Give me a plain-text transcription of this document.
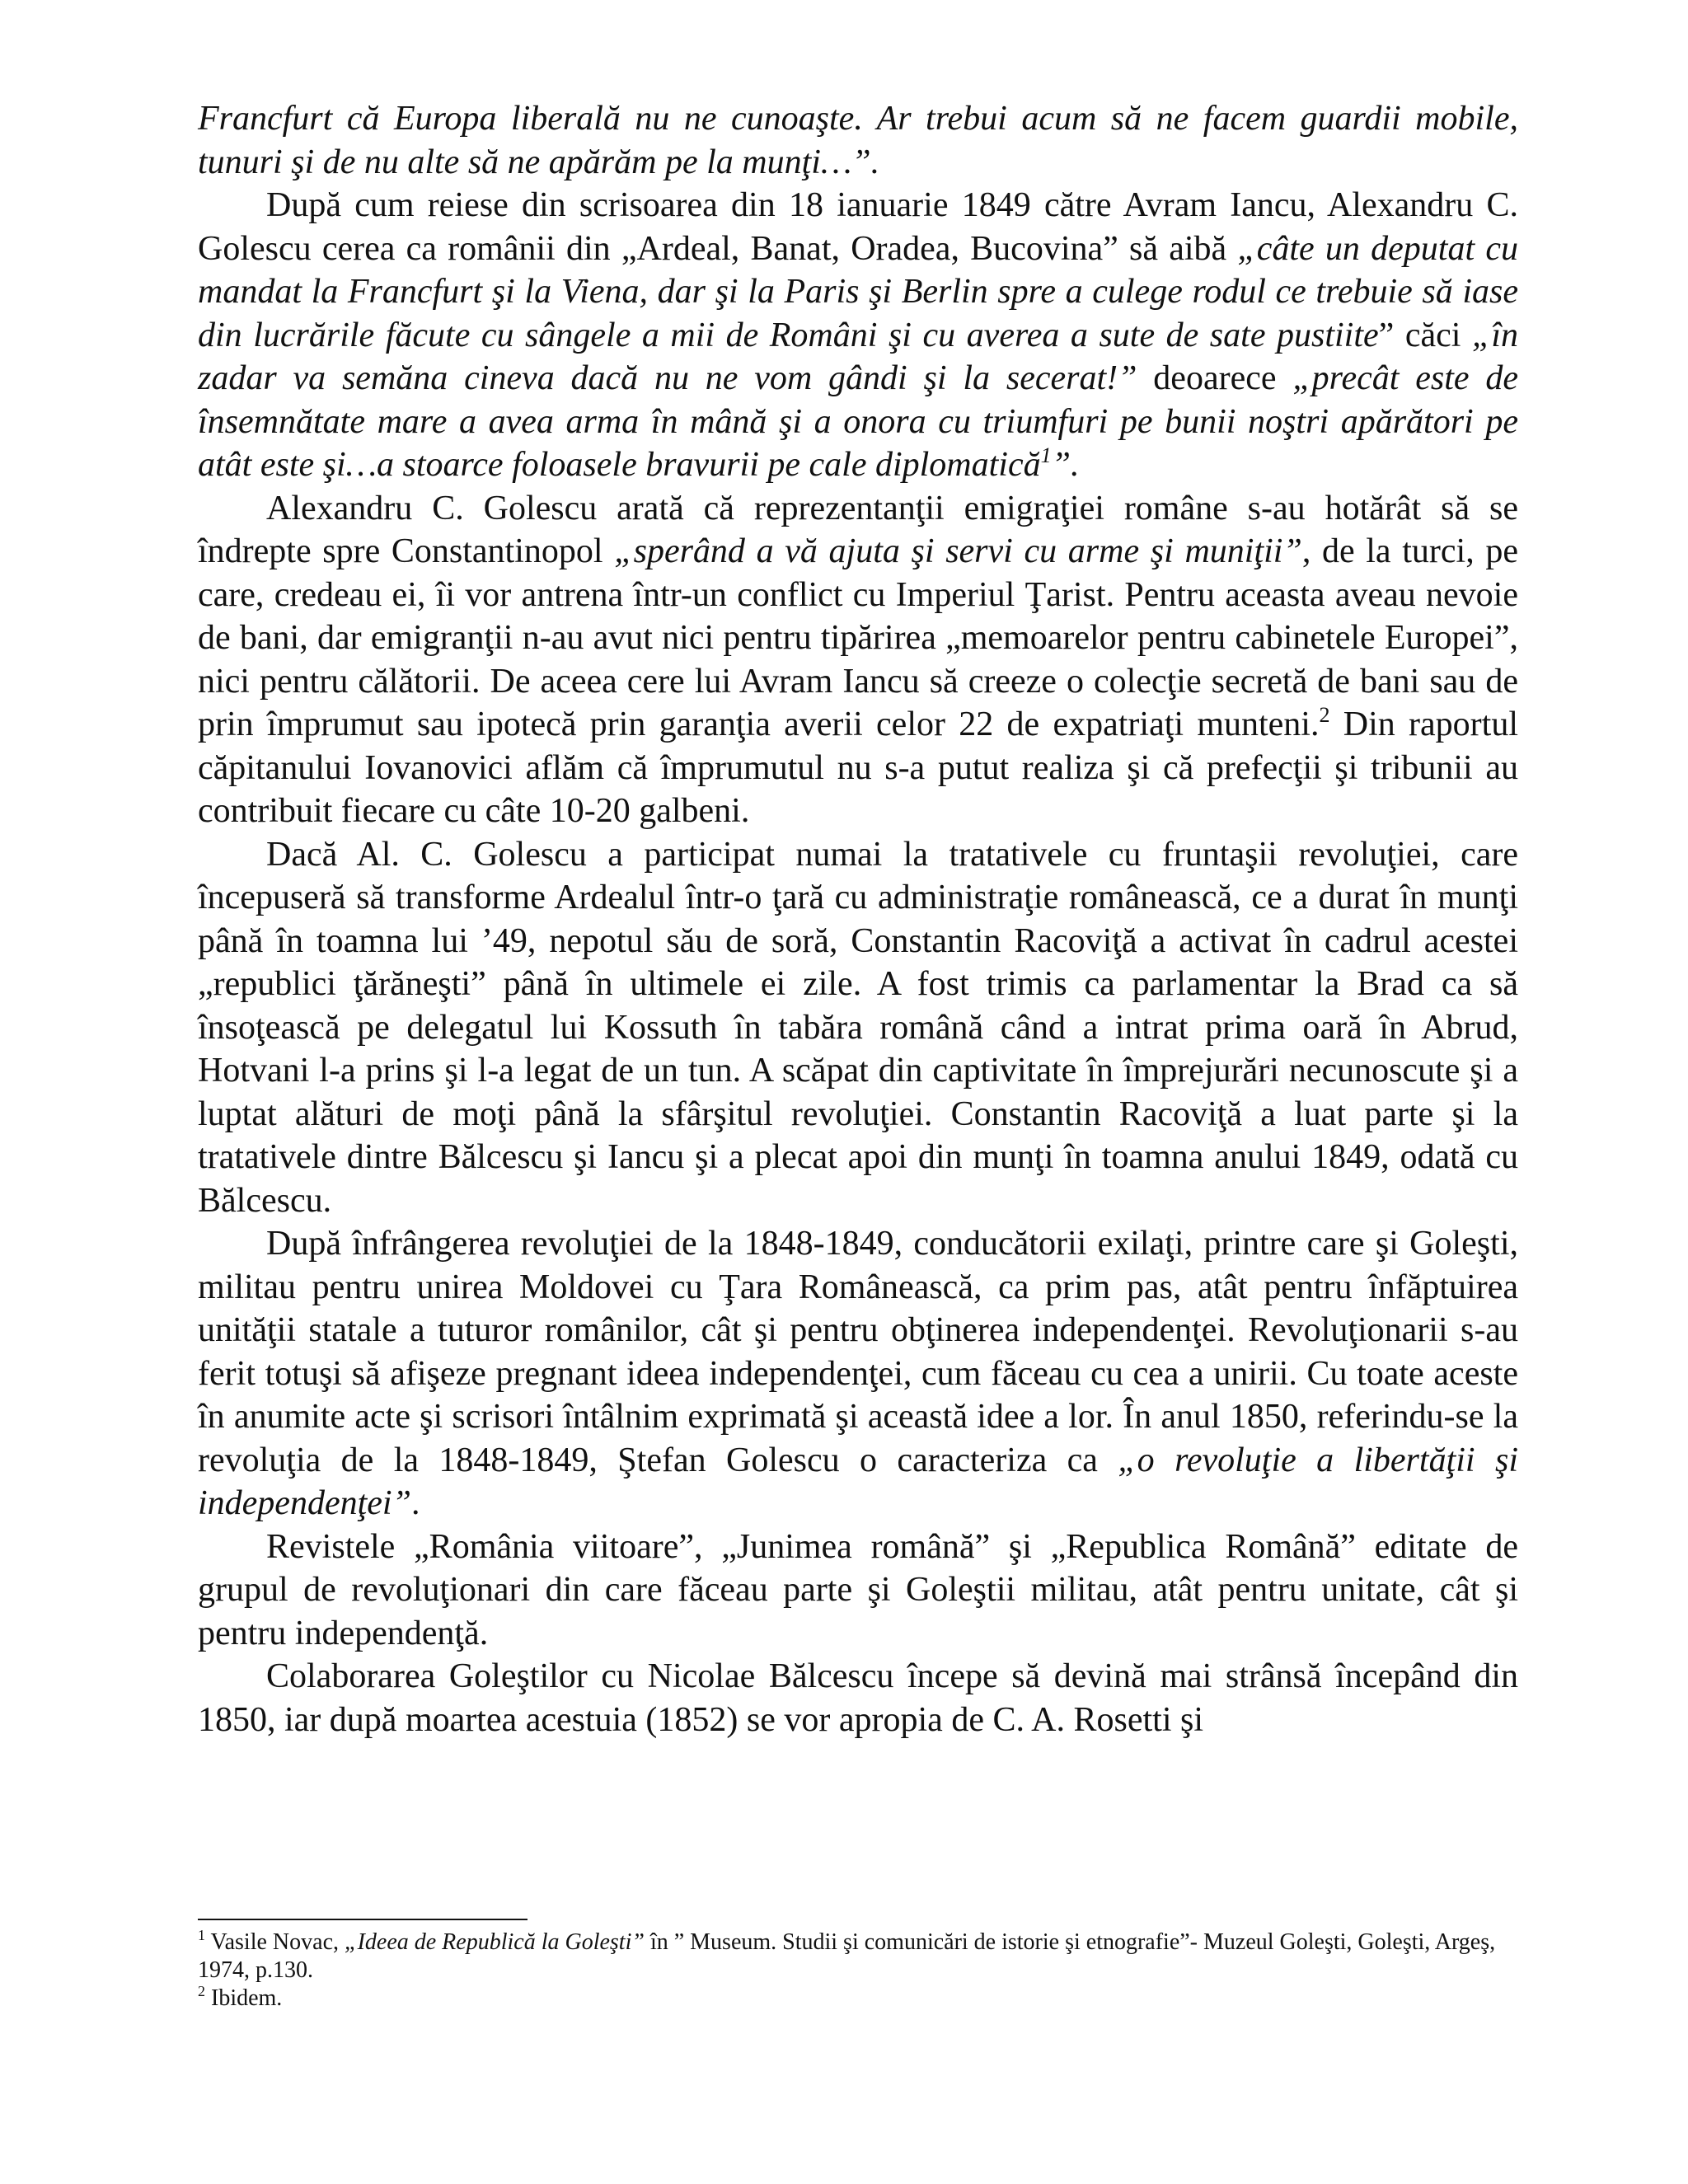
Francfurt că Europa liberală nu ne cunoaşte. Ar trebui acum să ne facem guardii mobile, tunuri şi de nu alte să ne apărăm pe la munţi…”.

După cum reiese din scrisoarea din 18 ianuarie 1849 către Avram Iancu, Alexandru C. Golescu cerea ca românii din „Ardeal, Banat, Oradea, Bucovina” să aibă „câte un deputat cu mandat la Francfurt şi la Viena, dar şi la Paris şi Berlin spre a culege rodul ce trebuie să iase din lucrările făcute cu sângele a mii de Români şi cu averea a sute de sate pustiite” căci „în zadar va semăna cineva dacă nu ne vom gândi şi la secerat!” deoarece „precât este de însemnătate mare a avea arma în mână şi a onora cu triumfuri pe bunii noştri apărători pe atât este şi…a stoarce foloasele bravurii pe cale diplomatică$^1$”.

Alexandru C. Golescu arată că reprezentanţii emigraţiei române s-au hotărât să se îndrepte spre Constantinopol „sperând a vă ajuta şi servi cu arme şi muniţii”, de la turci, pe care, credeau ei, îi vor antrena într-un conflict cu Imperiul Ţarist. Pentru aceasta aveau nevoie de bani, dar emigranţii n-au avut nici pentru tipărirea „memoarelor pentru cabinetele Europei”, nici pentru călătorii. De aceea cere lui Avram Iancu să creeze o colecţie secretă de bani sau de prin împrumut sau ipotecă prin garanţia averii celor 22 de expatriaţi munteni.$^2$ Din raportul căpitanului Iovanovici aflăm că împrumutul nu s-a putut realiza şi că prefecţii şi tribunii au contribuit fiecare cu câte 10-20 galbeni.

Dacă Al. C. Golescu a participat numai la tratativele cu fruntaşii revoluţiei, care începuseră să transforme Ardealul într-o ţară cu administraţie românească, ce a durat în munţi până în toamna lui ’49, nepotul său de soră, Constantin Racoviţă a activat în cadrul acestei „republici ţărăneşti” până în ultimele ei zile. A fost trimis ca parlamentar la Brad ca să însoţească pe delegatul lui Kossuth în tabăra română când a intrat prima oară în Abrud, Hotvani l-a prins şi l-a legat de un tun. A scăpat din captivitate în împrejurări necunoscute şi a luptat alături de moţi până la sfârşitul revoluţiei. Constantin Racoviţă a luat parte şi la tratativele dintre Bălcescu şi Iancu şi a plecat apoi din munţi în toamna anului 1849, odată cu Bălcescu.

După înfrângerea revoluţiei de la 1848-1849, conducătorii exilaţi, printre care şi Goleşti, militau pentru unirea Moldovei cu Ţara Românească, ca prim pas, atât pentru înfăptuirea unităţii statale a tuturor românilor, cât şi pentru obţinerea independenţei. Revoluţionarii s-au ferit totuşi să afişeze pregnant ideea independenţei, cum făceau cu cea a unirii. Cu toate aceste în anumite acte şi scrisori întâlnim exprimată şi această idee a lor. În anul 1850, referindu-se la revoluţia de la 1848-1849, Ştefan Golescu o caracteriza ca „o revoluţie a libertăţii şi independenţei”.

Revistele „România viitoare”, „Junimea română” şi „Republica Română” editate de grupul de revoluţionari din care făceau parte şi Goleştii militau, atât pentru unitate, cât şi pentru independenţă.

Colaborarea Goleştilor cu Nicolae Bălcescu începe să devină mai strânsă începând din 1850, iar după moartea acestuia (1852) se vor apropia de C. A. Rosetti şi

$^1$ Vasile Novac, „Ideea de Republică la Goleşti” în ” Museum. Studii şi comunicări de istorie şi etnografie”- Muzeul Goleşti, Goleşti, Argeş, 1974, p.130.

$^2$ Ibidem.
